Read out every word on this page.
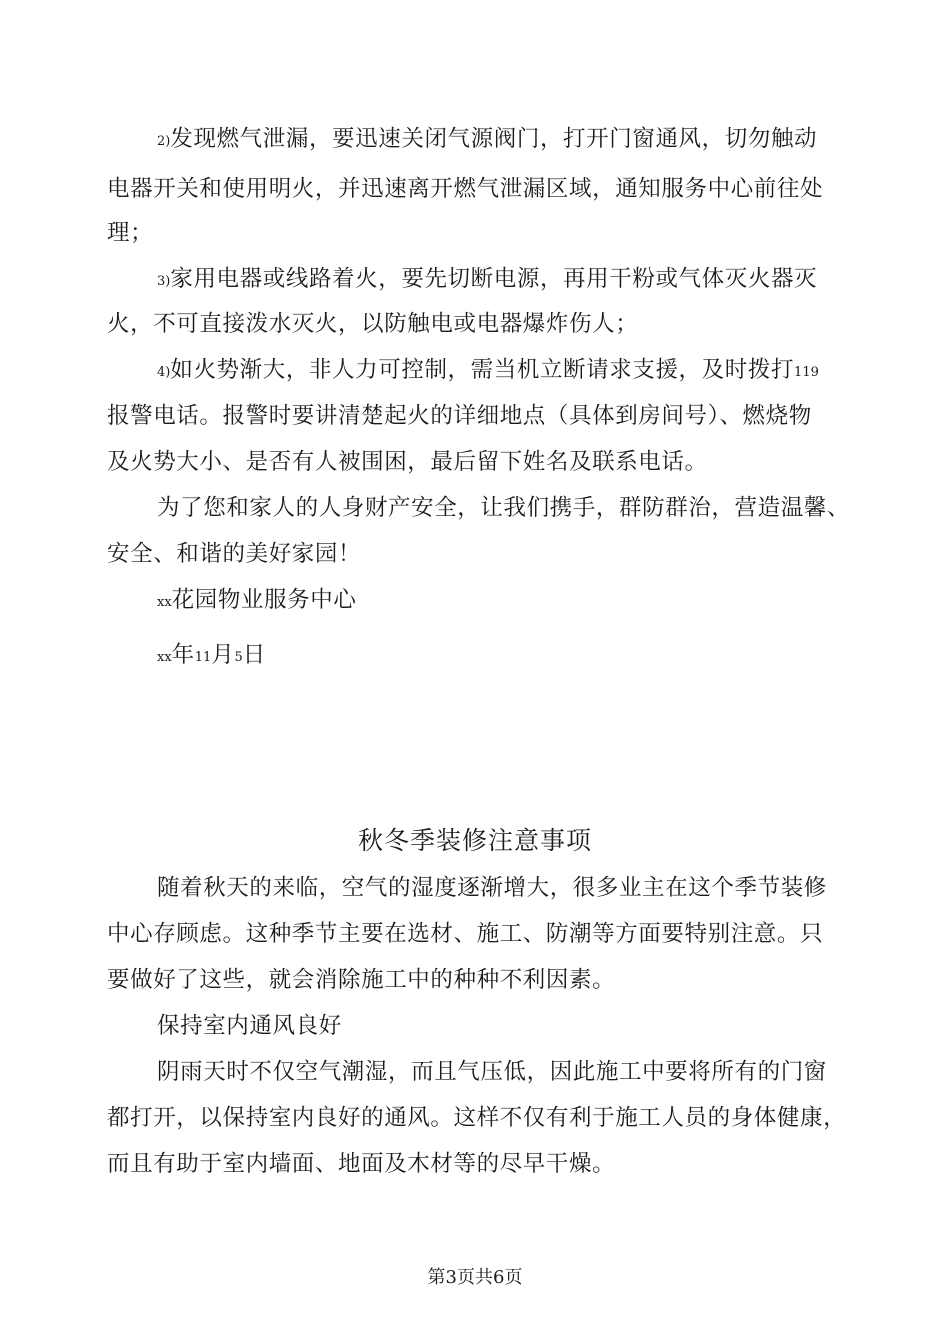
2)发现燃气泄漏，要迅速关闭气源阀门，打开门窗通风，切勿触动
电器开关和使用明火，并迅速离开燃气泄漏区域，通知服务中心前往处
理；
3)家用电器或线路着火，要先切断电源，再用干粉或气体灭火器灭
火，不可直接泼水灭火，以防触电或电器爆炸伤人；
4)如火势渐大，非人力可控制，需当机立断请求支援，及时拨打119
报警电话。报警时要讲清楚起火的详细地点（具体到房间号）、燃烧物
及火势大小、是否有人被围困，最后留下姓名及联系电话。
为了您和家人的人身财产安全，让我们携手，群防群治，营造温馨、
安全、和谐的美好家园！
xx花园物业服务中心
xx年11月5日
秋冬季装修注意事项
随着秋天的来临，空气的湿度逐渐增大，很多业主在这个季节装修
中心存顾虑。这种季节主要在选材、施工、防潮等方面要特别注意。只
要做好了这些，就会消除施工中的种种不利因素。
保持室内通风良好
阴雨天时不仅空气潮湿，而且气压低，因此施工中要将所有的门窗
都打开，以保持室内良好的通风。这样不仅有利于施工人员的身体健康，
而且有助于室内墙面、地面及木材等的尽早干燥。
第3页共6页
